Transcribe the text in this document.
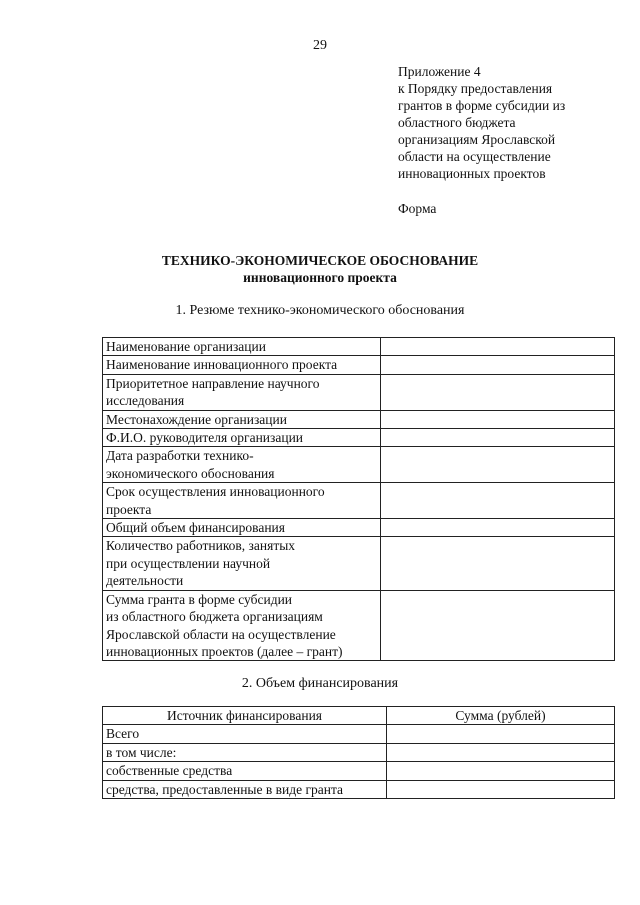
29
Приложение 4
к Порядку предоставления
грантов в форме субсидии из
областного бюджета
организациям Ярославской
области на осуществление
инновационных проектов
Форма
ТЕХНИКО-ЭКОНОМИЧЕСКОЕ ОБОСНОВАНИЕ
инновационного проекта
1. Резюме технико-экономического обоснования
Наименование организации	

Наименование инновационного проекта	

Приоритетное направление научного
исследования	

Местонахождение организации	

Ф.И.О. руководителя организации	

Дата разработки технико-
экономического обоснования	

Срок осуществления инновационного
проекта	

Общий объем финансирования	

Количество работников, занятых
при осуществлении научной
деятельности	

Сумма гранта в форме субсидии
из областного бюджета организациям
Ярославской области на осуществление
инновационных проектов (далее – грант)	

2. Объем финансирования
Источник финансирования	Сумма (рублей)
Всего	
в том числе:	
собственные средства	
средства, предоставленные в виде гранта	
